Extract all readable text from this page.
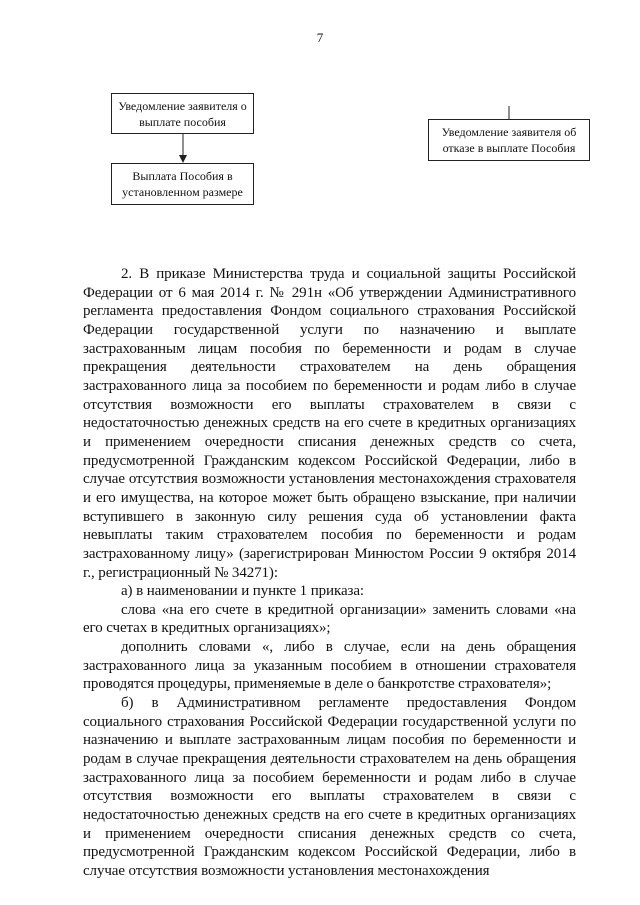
7
Уведомление заявителя о выплате пособия
Выплата Пособия в установленном размере
Уведомление заявителя об отказе в выплате Пособия

2. В приказе Министерства труда и социальной защиты Российской Федерации от 6 мая 2014 г. № 291н «Об утверждении Административного регламента предоставления Фондом социального страхования Российской Федерации государственной услуги по назначению и выплате застрахованным лицам пособия по беременности и родам в случае прекращения деятельности страхователем на день обращения застрахованного лица за пособием по беременности и родам либо в случае отсутствия возможности его выплаты страхователем в связи с недостаточностью денежных средств на его счете в кредитных организациях и применением очередности списания денежных средств со счета, предусмотренной Гражданским кодексом Российской Федерации, либо в случае отсутствия возможности установления местонахождения страхователя и его имущества, на которое может быть обращено взыскание, при наличии вступившего в законную силу решения суда об установлении факта невыплаты таким страхователем пособия по беременности и родам застрахованному лицу» (зарегистрирован Минюстом России 9 октября 2014 г., регистрационный № 34271):

а) в наименовании и пункте 1 приказа:

слова «на его счете в кредитной организации» заменить словами «на его счетах в кредитных организациях»;

дополнить словами «, либо в случае, если на день обращения застрахованного лица за указанным пособием в отношении страхователя проводятся процедуры, применяемые в деле о банкротстве страхователя»;

б) в Административном регламенте предоставления Фондом социального страхования Российской Федерации государственной услуги по назначению и выплате застрахованным лицам пособия по беременности и родам в случае прекращения деятельности страхователем на день обращения застрахованного лица за пособием беременности и родам либо в случае отсутствия возможности его выплаты страхователем в связи с недостаточностью денежных средств на его счете в кредитных организациях и применением очередности списания денежных средств со счета, предусмотренной Гражданским кодексом Российской Федерации, либо в случае отсутствия возможности установления местонахождения
